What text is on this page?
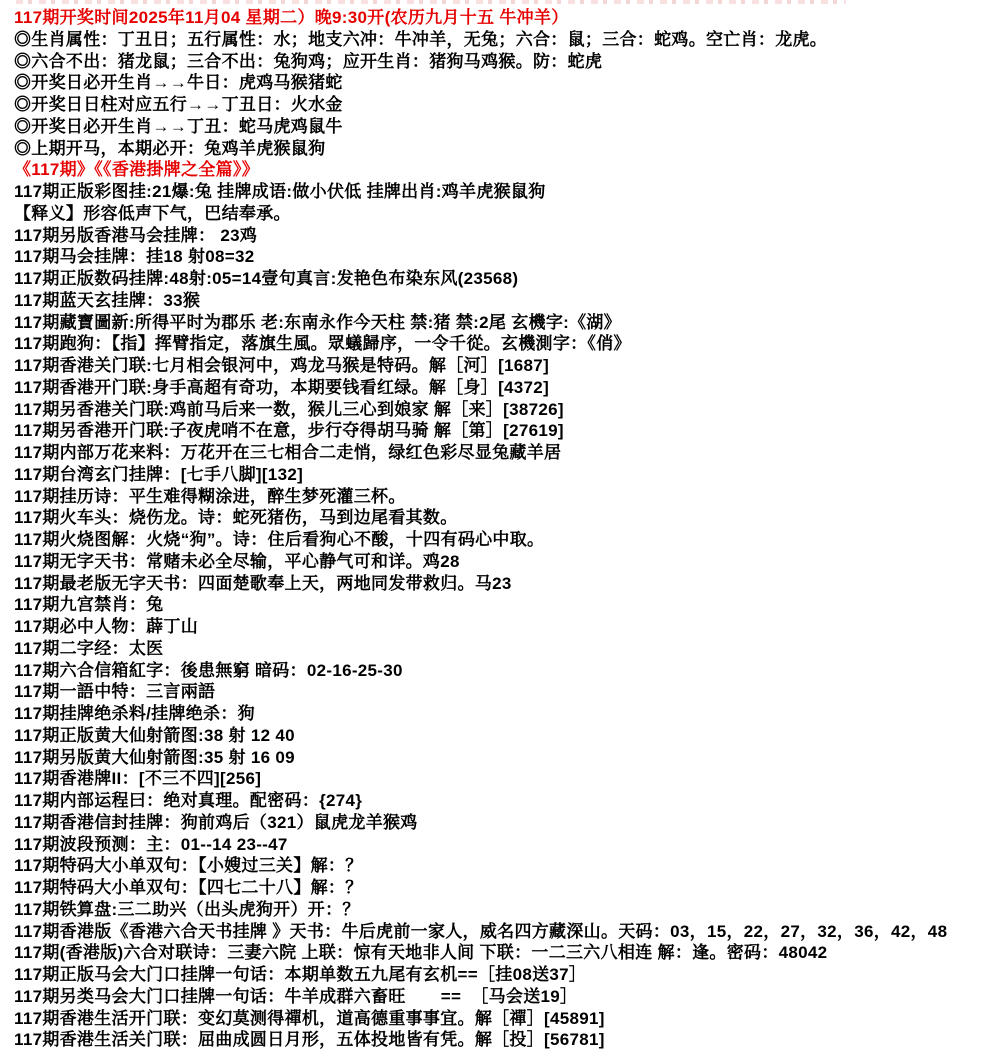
117期开奖时间2025年11月04 星期二）晚9:30开(农历九月十五 牛冲羊）
◎生肖属性：丁丑日；五行属性：水；地支六冲：牛冲羊，无兔；六合：鼠；三合：蛇鸡。空亡肖：龙虎。
◎六合不出：猪龙鼠；三合不出：兔狗鸡；应开生肖：猪狗马鸡猴。防：蛇虎
◎开奖日必开生肖→→牛日：虎鸡马猴猪蛇
◎开奖日日柱对应五行→→丁丑日：火水金
◎开奖日必开生肖→→丁丑：蛇马虎鸡鼠牛
◎上期开马，本期必开：兔鸡羊虎猴鼠狗
《117期》《《香港掛牌之全篇》》
117期正版彩图挂:21爆:兔 挂牌成语:做小伏低 挂牌出肖:鸡羊虎猴鼠狗
【释义】形容低声下气，巴结奉承。
117期另版香港马会挂牌： 23鸡
117期马会挂牌：挂18 射08=32
117期正版数码挂牌:48射:05=14壹句真言:发艳色布染东风(23568)
117期蓝天玄挂牌：33猴
117期藏寶圖新:所得平时为郡乐 老:东南永作今天柱 禁:猪 禁:2尾 玄機字:《湖》
117期跑狗：【指】挥臂指定，落旗生風。眾蟻歸序，一令千從。玄機測字：《俏》
117期香港关门联:七月相会银河中，鸡龙马猴是特码。解［河］[1687]
117期香港开门联:身手高超有奇功，本期要钱看红绿。解［身］[4372]
117期另香港关门联:鸡前马后来一数，猴儿三心到娘家 解［来］[38726]
117期另香港开门联:子夜虎哨不在意，步行夺得胡马骑 解［第］[27619]
117期内部万花来料：万花开在三七相合二走悄，绿红色彩尽显兔藏羊居
117期台湾玄门挂牌：[七手八脚][132]
117期挂历诗：平生难得糊涂进，醉生梦死灌三杯。
117期火车头：烧伤龙。诗：蛇死猪伤，马到边尾看其数。
117期火烧图解：火烧“狗”。诗：住后看狗心不酸，十四有码心中取。
117期无字天书：常赌未必全尽输，平心静气可和详。鸡28
117期最老版无字天书：四面楚歌奉上天，两地同发带救归。马23
117期九宫禁肖：兔
117期必中人物：薜丁山
117期二字经：太医
117期六合信箱紅字：後患無窮 暗码：02-16-25-30
117期一語中特：三言兩語
117期挂牌绝杀料/挂牌绝杀：狗
117期正版黄大仙射箭图:38 射 12 40
117期另版黄大仙射箭图:35 射 16 09
117期香港牌II：[不三不四][256]
117期内部运程曰：绝对真理。配密码：{274}
117期香港信封挂牌：狗前鸡后（321）鼠虎龙羊猴鸡
117期波段预测：主：01--14 23--47
117期特码大小单双句：【小嫂过三关】解：？
117期特码大小单双句：【四七二十八】解：？
117期铁算盘:三二助兴（出头虎狗开）开：？
117期香港版《香港六合天书挂牌 》天书：牛后虎前一家人，威名四方藏深山。天码：03，15，22，27，32，36，42，48
117期(香港版)六合对联诗：三妻六院 上联：惊有天地非人间 下联：一二三六八相连 解：逢。密码：48042
117期正版马会大门口挂牌一句话：本期单数五九尾有玄机==［挂08送37］
117期另类马会大门口挂牌一句话：牛羊成群六畜旺       ==  ［马会送19］
117期香港生活开门联：变幻莫测得禪机，道高德重事事宜。解［禪］[45891]
117期香港生活关门联：屈曲成圆日月形，五体投地皆有凭。解［投］[56781]
